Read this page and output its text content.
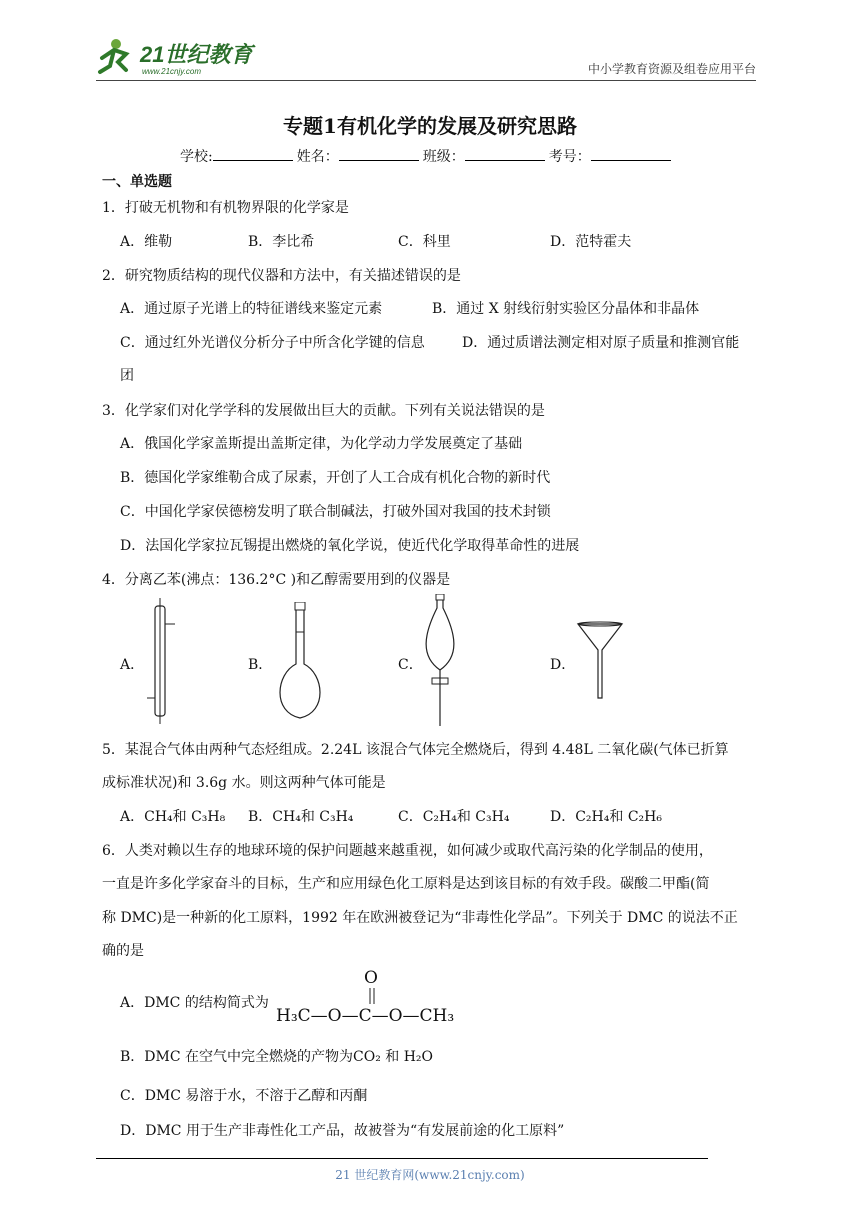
21世纪教育
www.21cnjy.com	中小学教育资源及组卷应用平台
专题1有机化学的发展及研究思路
学校:	姓名：	班级：	考号：
一、单选题
1．打破无机物和有机物界限的化学家是
A．维勒	B．李比希	C．科里	D．范特霍夫
2．研究物质结构的现代仪器和方法中，有关描述错误的是
A．通过原子光谱上的特征谱线来鉴定元素	B．通过 X 射线衍射实验区分晶体和非晶体
C．通过红外光谱仪分析分子中所含化学键的信息	D．通过质谱法测定相对原子质量和推测官能
团
3．化学家们对化学学科的发展做出巨大的贡献。下列有关说法错误的是
A．俄国化学家盖斯提出盖斯定律，为化学动力学发展奠定了基础
B．德国化学家维勒合成了尿素，开创了人工合成有机化合物的新时代
C．中国化学家侯德榜发明了联合制碱法，打破外国对我国的技术封锁
D．法国化学家拉瓦锡提出燃烧的氧化学说，使近代化学取得革命性的进展
4．分离乙苯(沸点：136.2°C )和乙醇需要用到的仪器是
A．	B．	C．	D．
5．某混合气体由两种气态烃组成。2.24L 该混合气体完全燃烧后，得到 4.48L 二氧化碳(气体已折算
成标准状况)和 3.6g 水。则这两种气体可能是
A．CH₄和 C₃H₈ B．CH₄和 C₃H₄	C．C₂H₄和 C₃H₄	D．C₂H₄和 C₂H₆
6．人类对赖以生存的地球环境的保护问题越来越重视，如何减少或取代高污染的化学制品的使用，
一直是许多化学家奋斗的目标，生产和应用绿色化工原料是达到该目标的有效手段。碳酸二甲酯(简
称 DMC)是一种新的化工原料，1992 年在欧洲被登记为“非毒性化学品”。下列关于 DMC 的说法不正
确的是
A．DMC 的结构简式为
O
H₃C—O—C—O—CH₃
B．DMC 在空气中完全燃烧的产物为CO₂ 和 H₂O
C．DMC 易溶于水，不溶于乙醇和丙酮
D．DMC 用于生产非毒性化工产品，故被誉为“有发展前途的化工原料”
21 世纪教育网(www.21cnjy.com)
